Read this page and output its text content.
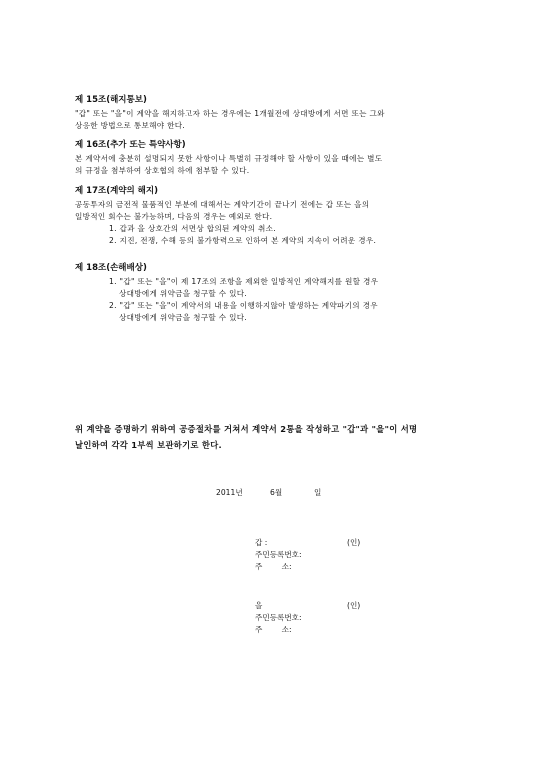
제 15조(해지통보)
"갑" 또는 "을"이 계약을 해지하고자 하는 경우에는 1개월전에 상대방에게 서면 또는 그와
상응한 방법으로 통보해야 한다.
제 16조(추가 또는 특약사항)
본 계약서에 충분히 설명되지 못한 사항이나 특별히 규정해야 할 사항이 있을 때에는 별도
의 규정을 첨부하여 상호협의 하에 첨부할 수 있다.
제 17조(계약의 해지)
공동투자의 금전적 물품적인 부분에 대해서는 계약기간이 끝나기 전에는 갑 또는 을의
일방적인 회수는 불가능하며, 다음의 경우는 예외로 한다.
1. 갑과 을 상호간의 서면상 합의된 계약의 취소.
2. 지진, 전쟁, 수해 등의 불가항력으로 인하여 본 계약의 지속이 어려운 경우.
제 18조(손해배상)
1. "갑" 또는 "을"이 제 17조의 조항을 제외한 일방적인 계약해지를 원할 경우
상대방에게 위약금을 청구할 수 있다.
2. "갑" 또는 "을"이 계약서의 내용을 이행하지않아 발생하는 계약파기의 경우
상대방에게 위약금을 청구할 수 있다.
위 계약을 증명하기 위하여 공증절차를 거쳐서 계약서 2통을 작성하고 "갑"과 "을"이 서명
날인하여 각각 1부씩 보관하기로 한다.
2011년	6월	일
갑 :	(인)
주민등록번호:
주        소:
을	(인)
주민등록번호:
주        소:
